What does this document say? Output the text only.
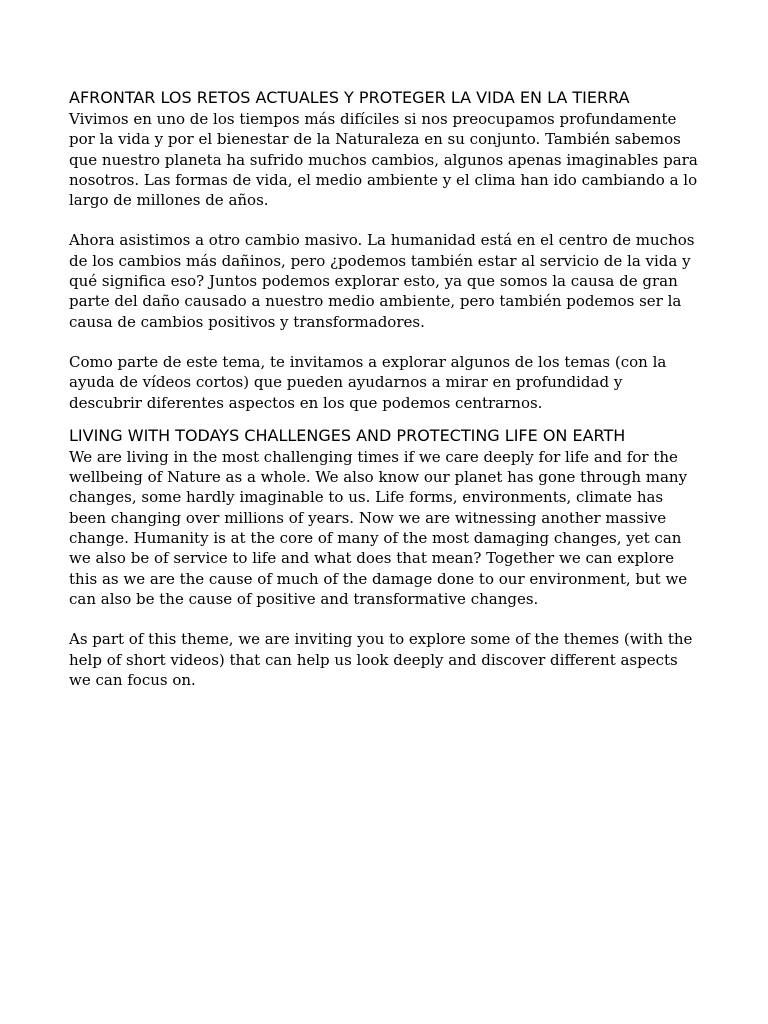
AFRONTAR LOS RETOS ACTUALES Y PROTEGER LA VIDA EN LA TIERRA

Vivimos en uno de los tiempos más difíciles si nos preocupamos profundamente por la vida y por el bienestar de la Naturaleza en su conjunto. También sabemos que nuestro planeta ha sufrido muchos cambios, algunos apenas imaginables para nosotros. Las formas de vida, el medio ambiente y el clima han ido cambiando a lo largo de millones de años.

Ahora asistimos a otro cambio masivo. La humanidad está en el centro de muchos de los cambios más dañinos, pero ¿podemos también estar al servicio de la vida y qué significa eso? Juntos podemos explorar esto, ya que somos la causa de gran parte del daño causado a nuestro medio ambiente, pero también podemos ser la causa de cambios positivos y transformadores.

Como parte de este tema, te invitamos a explorar algunos de los temas (con la ayuda de vídeos cortos) que pueden ayudarnos a mirar en profundidad y descubrir diferentes aspectos en los que podemos centrarnos.

LIVING WITH TODAYS CHALLENGES AND PROTECTING LIFE ON EARTH

We are living in the most challenging times if we care deeply for life and for the wellbeing of Nature as a whole. We also know our planet has gone through many changes, some hardly imaginable to us. Life forms, environments, climate has been changing over millions of years. Now we are witnessing another massive change. Humanity is at the core of many of the most damaging changes, yet can we also be of service to life and what does that mean? Together we can explore this as we are the cause of much of the damage done to our environment, but we can also be the cause of positive and transformative changes.

As part of this theme, we are inviting you to explore some of the themes (with the help of short videos) that can help us look deeply and discover different aspects we can focus on.
